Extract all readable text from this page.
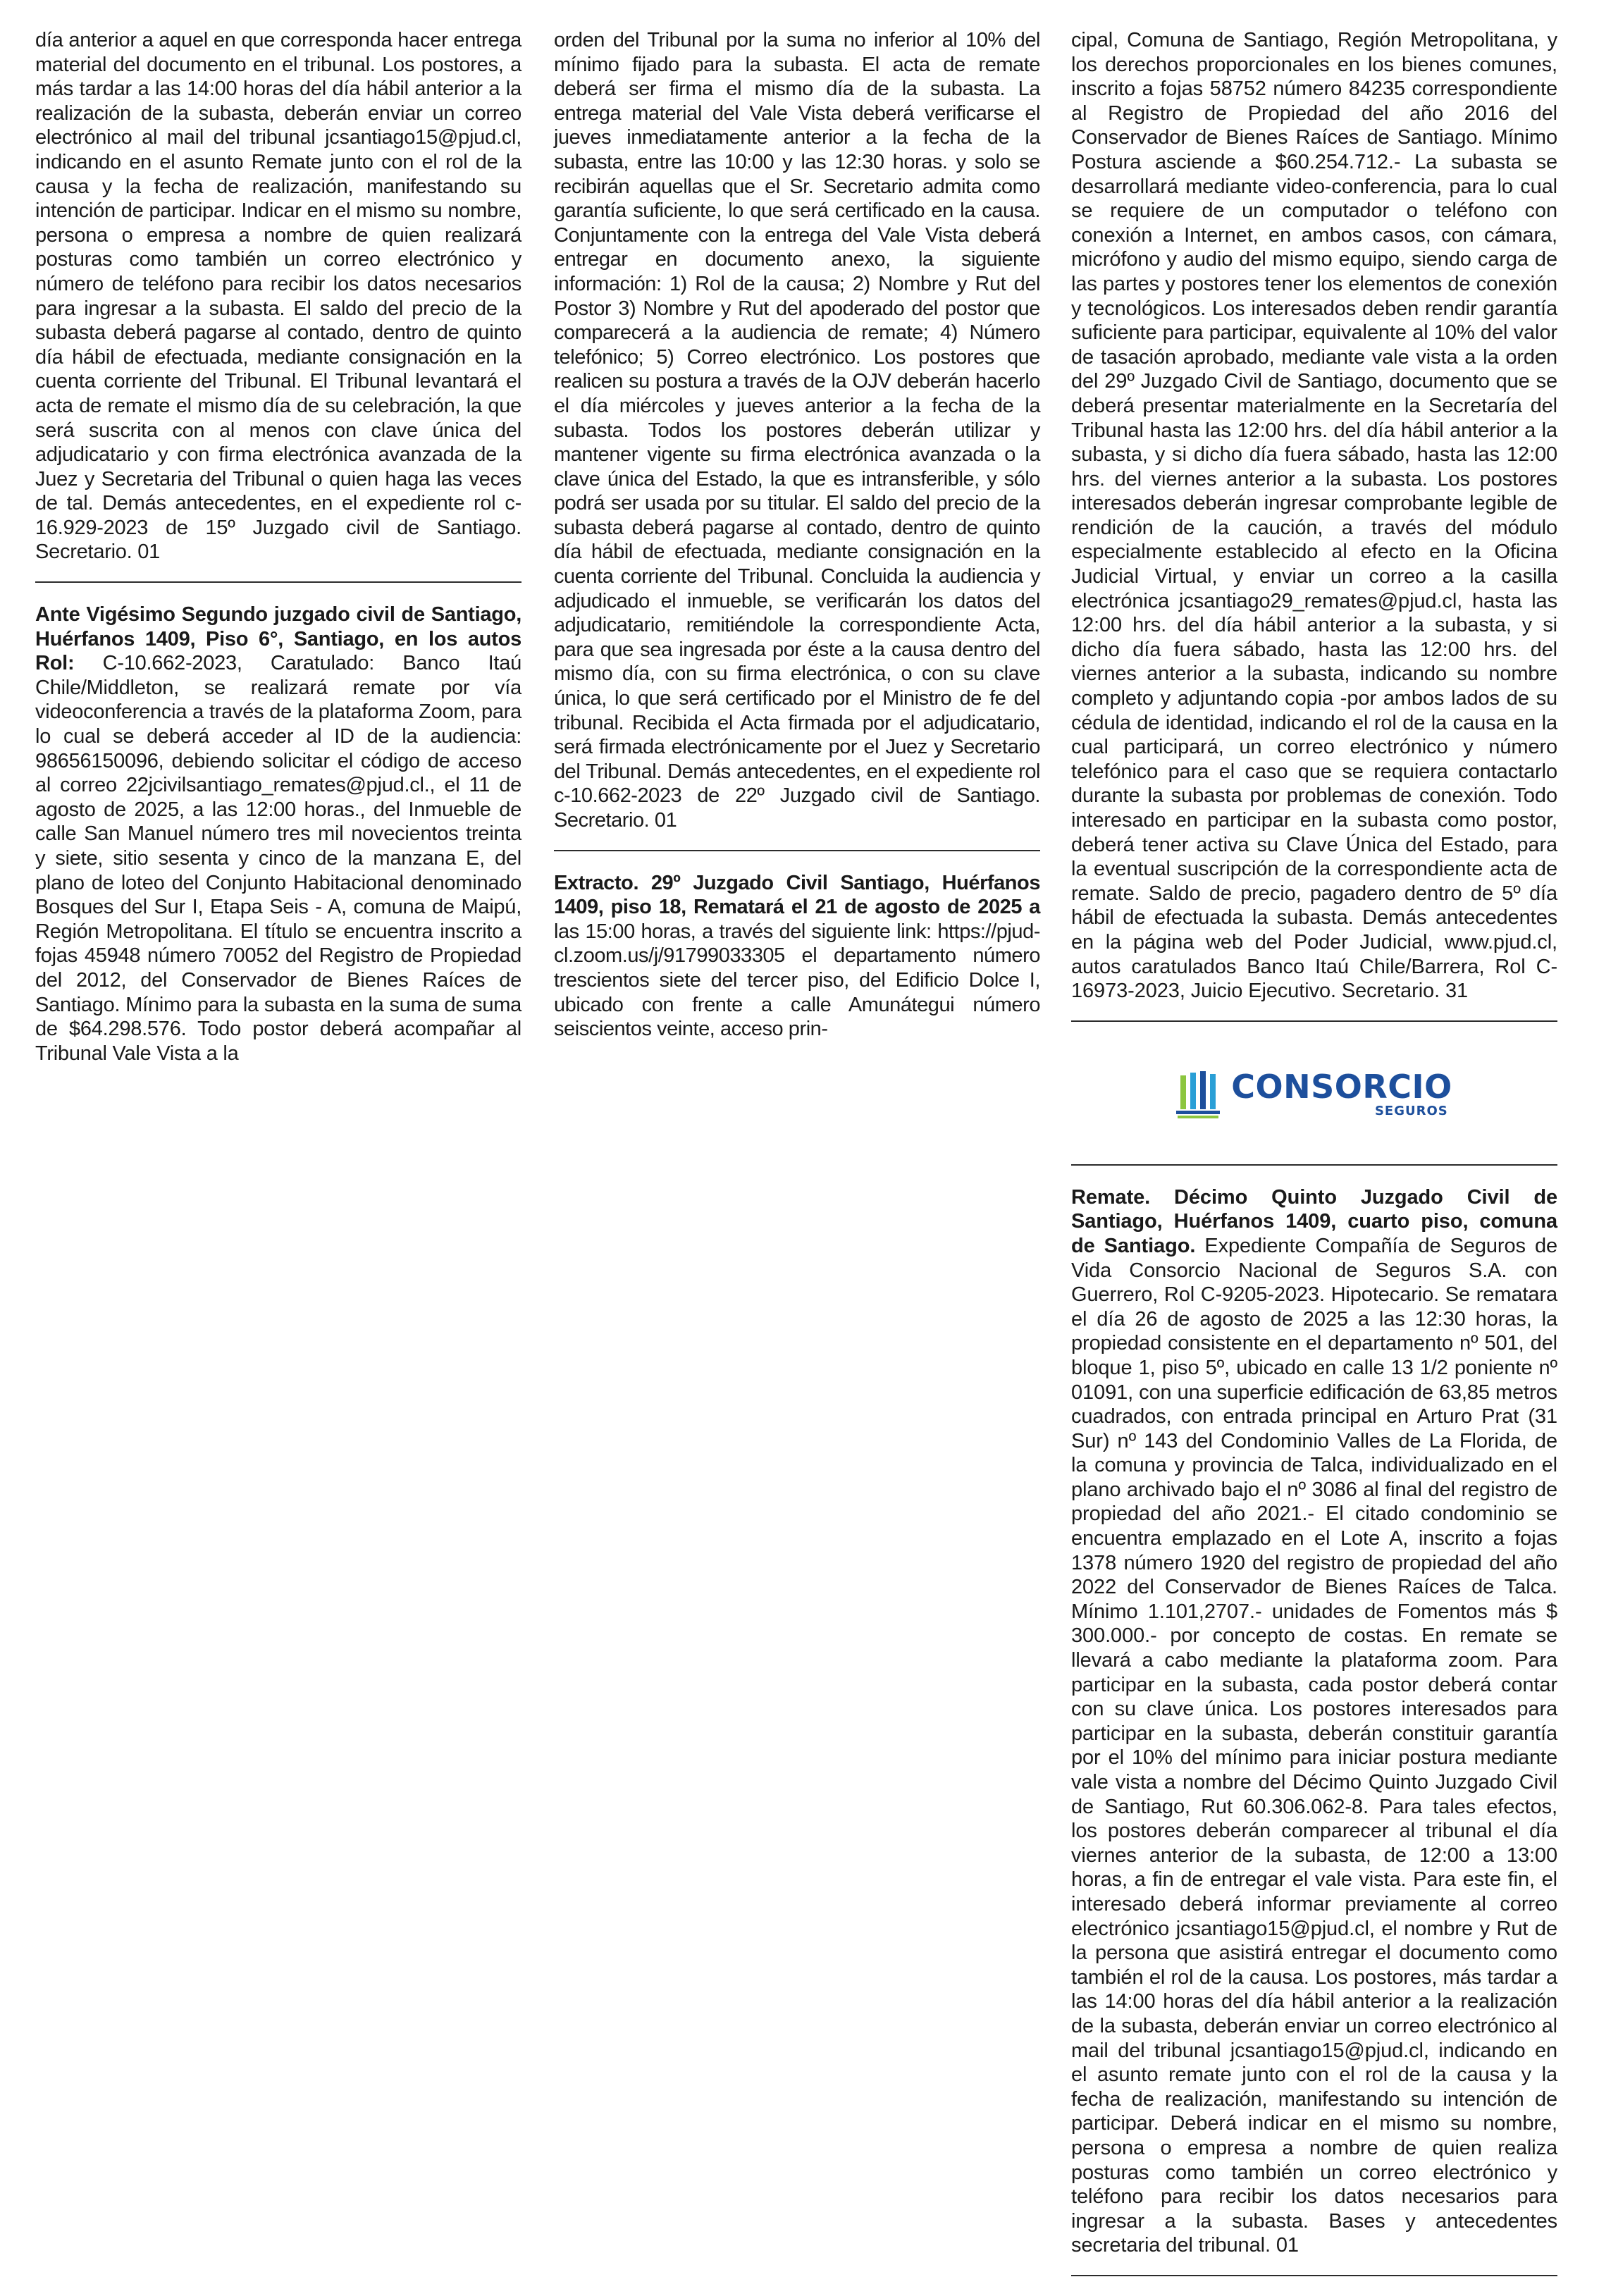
día anterior a aquel en que corresponda hacer entrega material del documento en el tribunal. Los postores, a más tardar a las 14:00 horas del día hábil anterior a la realización de la subasta, deberán enviar un correo electrónico al mail del tribunal jcsantiago15@pjud.cl, indicando en el asunto Remate junto con el rol de la causa y la fecha de realización, manifestando su intención de participar. Indicar en el mismo su nombre, persona o empresa a nombre de quien realizará posturas como también un correo electrónico y número de teléfono para recibir los datos necesarios para ingresar a la subasta. El saldo del precio de la subasta deberá pagarse al contado, dentro de quinto día hábil de efectuada, mediante consignación en la cuenta corriente del Tribunal. El Tribunal levantará el acta de remate el mismo día de su celebración, la que será suscrita con al menos con clave única del adjudicatario y con firma electrónica avanzada de la Juez y Secretaria del Tribunal o quien haga las veces de tal. Demás antecedentes, en el expediente rol c-16.929-2023 de 15º Juzgado civil de Santiago. Secretario. 01

Ante Vigésimo Segundo juzgado civil de Santiago, Huérfanos 1409, Piso 6°, Santiago, en los autos Rol: C-10.662-2023, Caratulado: Banco Itaú Chile/Middleton, se realizará remate por vía videoconferencia a través de la plataforma Zoom, para lo cual se deberá acceder al ID de la audiencia: 98656150096, debiendo solicitar el código de acceso al correo 22jcivilsantiago_remates@pjud.cl., el 11 de agosto de 2025, a las 12:00 horas., del Inmueble de calle San Manuel número tres mil novecientos treinta y siete, sitio sesenta y cinco de la manzana E, del plano de loteo del Conjunto Habitacional denominado Bosques del Sur I, Etapa Seis - A, comuna de Maipú, Región Metropolitana. El título se encuentra inscrito a fojas 45948 número 70052 del Registro de Propiedad del 2012, del Conservador de Bienes Raíces de Santiago. Mínimo para la subasta en la suma de suma de $64.298.576. Todo postor deberá acompañar al Tribunal Vale Vista a la

orden del Tribunal por la suma no inferior al 10% del mínimo fijado para la subasta. El acta de remate deberá ser firma el mismo día de la subasta. La entrega material del Vale Vista deberá verificarse el jueves inmediatamente anterior a la fecha de la subasta, entre las 10:00 y las 12:30 horas. y solo se recibirán aquellas que el Sr. Secretario admita como garantía suficiente, lo que será certificado en la causa. Conjuntamente con la entrega del Vale Vista deberá entregar en documento anexo, la siguiente información: 1) Rol de la causa; 2) Nombre y Rut del Postor 3) Nombre y Rut del apoderado del postor que comparecerá a la audiencia de remate; 4) Número telefónico; 5) Correo electrónico. Los postores que realicen su postura a través de la OJV deberán hacerlo el día miércoles y jueves anterior a la fecha de la subasta. Todos los postores deberán utilizar y mantener vigente su firma electrónica avanzada o la clave única del Estado, la que es intransferible, y sólo podrá ser usada por su titular. El saldo del precio de la subasta deberá pagarse al contado, dentro de quinto día hábil de efectuada, mediante consignación en la cuenta corriente del Tribunal. Concluida la audiencia y adjudicado el inmueble, se verificarán los datos del adjudicatario, remitiéndole la correspondiente Acta, para que sea ingresada por éste a la causa dentro del mismo día, con su firma electrónica, o con su clave única, lo que será certificado por el Ministro de fe del tribunal. Recibida el Acta firmada por el adjudicatario, será firmada electrónicamente por el Juez y Secretario del Tribunal. Demás antecedentes, en el expediente rol c-10.662-2023 de 22º Juzgado civil de Santiago. Secretario. 01

Extracto. 29º Juzgado Civil Santiago, Huérfanos 1409, piso 18, Rematará el 21 de agosto de 2025 a las 15:00 horas, a través del siguiente link: https://pjud-cl.zoom.us/j/91799033305 el departamento número trescientos siete del tercer piso, del Edificio Dolce I, ubicado con frente a calle Amunátegui número seiscientos veinte, acceso prin-

cipal, Comuna de Santiago, Región Metropolitana, y los derechos proporcionales en los bienes comunes, inscrito a fojas 58752 número 84235 correspondiente al Registro de Propiedad del año 2016 del Conservador de Bienes Raíces de Santiago. Mínimo Postura asciende a $60.254.712.- La subasta se desarrollará mediante video-conferencia, para lo cual se requiere de un computador o teléfono con conexión a Internet, en ambos casos, con cámara, micrófono y audio del mismo equipo, siendo carga de las partes y postores tener los elementos de conexión y tecnológicos. Los interesados deben rendir garantía suficiente para participar, equivalente al 10% del valor de tasación aprobado, mediante vale vista a la orden del 29º Juzgado Civil de Santiago, documento que se deberá presentar materialmente en la Secretaría del Tribunal hasta las 12:00 hrs. del día hábil anterior a la subasta, y si dicho día fuera sábado, hasta las 12:00 hrs. del viernes anterior a la subasta. Los postores interesados deberán ingresar comprobante legible de rendición de la caución, a través del módulo especialmente establecido al efecto en la Oficina Judicial Virtual, y enviar un correo a la casilla electrónica jcsantiago29_remates@pjud.cl, hasta las 12:00 hrs. del día hábil anterior a la subasta, y si dicho día fuera sábado, hasta las 12:00 hrs. del viernes anterior a la subasta, indicando su nombre completo y adjuntando copia -por ambos lados de su cédula de identidad, indicando el rol de la causa en la cual participará, un correo electrónico y número telefónico para el caso que se requiera contactarlo durante la subasta por problemas de conexión. Todo interesado en participar en la subasta como postor, deberá tener activa su Clave Única del Estado, para la eventual suscripción de la correspondiente acta de remate. Saldo de precio, pagadero dentro de 5º día hábil de efectuada la subasta. Demás antecedentes en la página web del Poder Judicial, www.pjud.cl, autos caratulados Banco Itaú Chile/Barrera, Rol C-16973-2023, Juicio Ejecutivo. Secretario. 31

CONSORCIO
SEGUROS

Remate. Décimo Quinto Juzgado Civil de Santiago, Huérfanos 1409, cuarto piso, comuna de Santiago. Expediente Compañía de Seguros de Vida Consorcio Nacional de Seguros S.A. con Guerrero, Rol C-9205-2023. Hipotecario. Se rematara el día 26 de agosto de 2025 a las 12:30 horas, la propiedad consistente en el departamento nº 501, del bloque 1, piso 5º, ubicado en calle 13 1/2 poniente nº 01091, con una superficie edificación de 63,85 metros cuadrados, con entrada principal en Arturo Prat (31 Sur) nº 143 del Condominio Valles de La Florida, de la comuna y provincia de Talca, individualizado en el plano archivado bajo el nº 3086 al final del registro de propiedad del año 2021.- El citado condominio se encuentra emplazado en el Lote A, inscrito a fojas 1378 número 1920 del registro de propiedad del año 2022 del Conservador de Bienes Raíces de Talca. Mínimo 1.101,2707.- unidades de Fomentos más $ 300.000.- por concepto de costas. En remate se llevará a cabo mediante la plataforma zoom. Para participar en la subasta, cada postor deberá contar con su clave única. Los postores interesados para participar en la subasta, deberán constituir garantía por el 10% del mínimo para iniciar postura mediante vale vista a nombre del Décimo Quinto Juzgado Civil de Santiago, Rut 60.306.062-8. Para tales efectos, los postores deberán comparecer al tribunal el día viernes anterior de la subasta, de 12:00 a 13:00 horas, a fin de entregar el vale vista. Para este fin, el interesado deberá informar previamente al correo electrónico jcsantiago15@pjud.cl, el nombre y Rut de la persona que asistirá entregar el documento como también el rol de la causa. Los postores, más tardar a las 14:00 horas del día hábil anterior a la realización de la subasta, deberán enviar un correo electrónico al mail del tribunal jcsantiago15@pjud.cl, indicando en el asunto remate junto con el rol de la causa y la fecha de realización, manifestando su intención de participar. Deberá indicar en el mismo su nombre, persona o empresa a nombre de quien realiza posturas como también un correo electrónico y teléfono para recibir los datos necesarios para ingresar a la subasta. Bases y antecedentes secretaria del tribunal. 01
